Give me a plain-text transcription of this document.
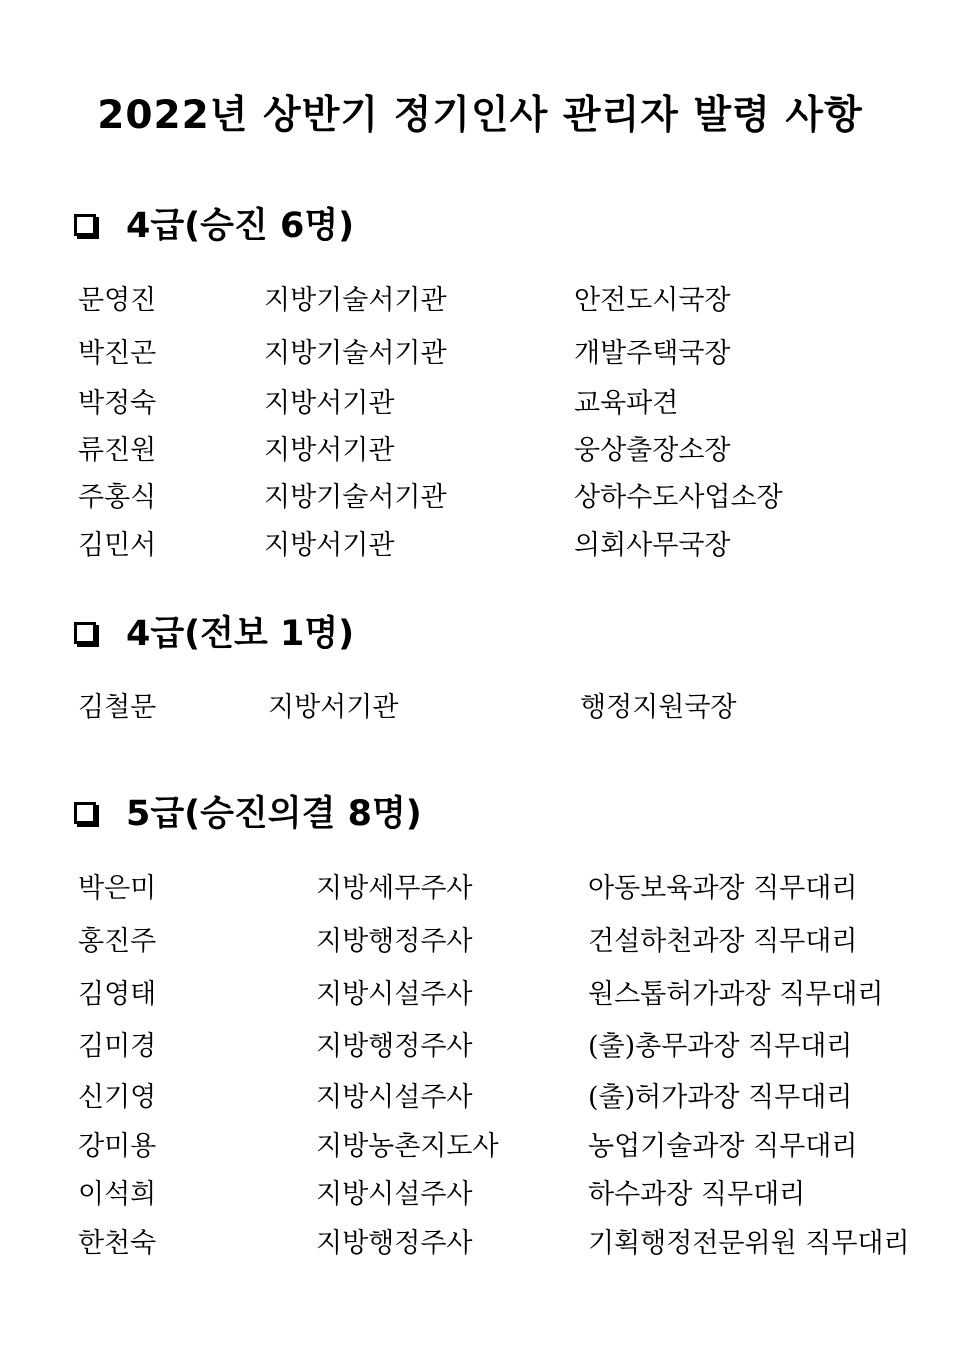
2022년 상반기 정기인사 관리자 발령 사항
4급(승진 6명)
문영진	지방기술서기관	안전도시국장
박진곤	지방기술서기관	개발주택국장
박정숙	지방서기관	교육파견
류진원	지방서기관	웅상출장소장
주홍식	지방기술서기관	상하수도사업소장
김민서	지방서기관	의회사무국장
4급(전보 1명)
김철문	지방서기관	행정지원국장
5급(승진의결 8명)
박은미	지방세무주사	아동보육과장 직무대리
홍진주	지방행정주사	건설하천과장 직무대리
김영태	지방시설주사	원스톱허가과장 직무대리
김미경	지방행정주사	(출)총무과장 직무대리
신기영	지방시설주사	(출)허가과장 직무대리
강미용	지방농촌지도사	농업기술과장 직무대리
이석희	지방시설주사	하수과장 직무대리
한천숙	지방행정주사	기획행정전문위원 직무대리
